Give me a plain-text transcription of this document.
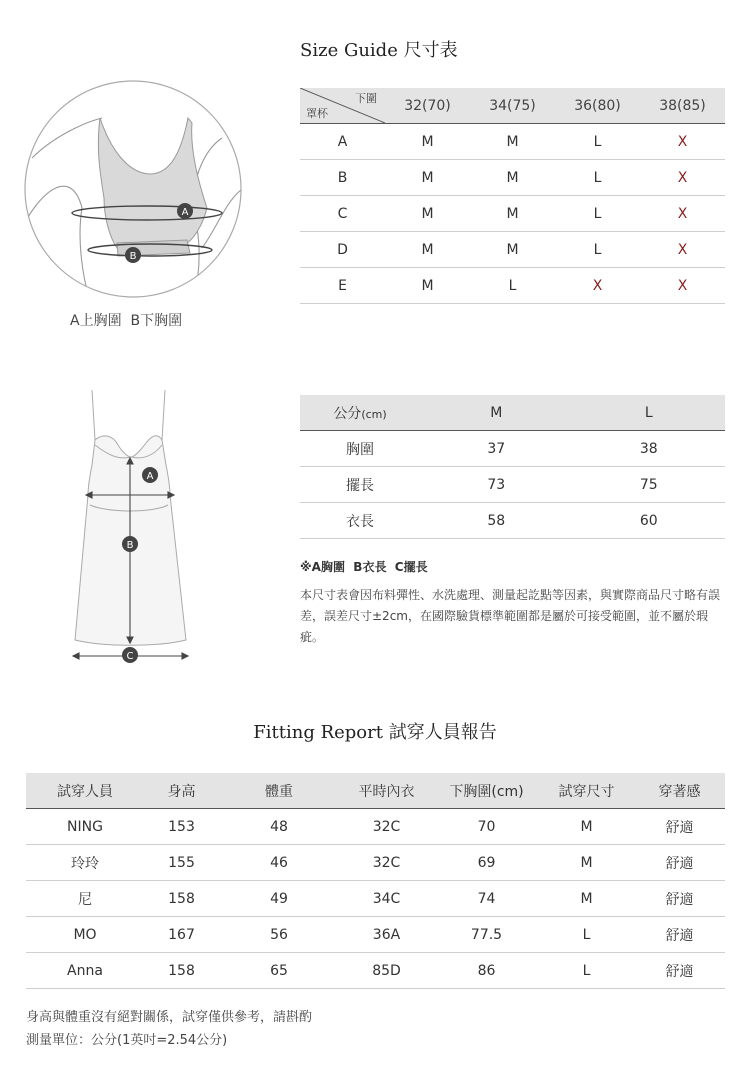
Size Guide 尺寸表
A
B
A上胸圍  B下胸圍
下圍
罩杯	32(70)	34(75)	36(80)	38(85)
A	M	M	L	X
B	M	M	L	X
C	M	M	L	X
D	M	M	L	X
E	M	L	X	X
A
B
C
公分(cm)	M	L
胸圍	37	38
擺長	73	75
衣長	58	60
※A胸圍  B衣長  C擺長
本尺寸表會因布料彈性、水洗處理、測量起訖點等因素，與實際商品尺寸略有誤差，誤差尺寸±2cm，在國際驗貨標準範圍都是屬於可接受範圍，並不屬於瑕疵。
Fitting Report 試穿人員報告
試穿人員	身高	體重	平時內衣	下胸圍(cm)	試穿尺寸	穿著感
NING	153	48	32C	70	M	舒適
玲玲	155	46	32C	69	M	舒適
尼	158	49	34C	74	M	舒適
MO	167	56	36A	77.5	L	舒適
Anna	158	65	85D	86	L	舒適
身高與體重沒有絕對關係，試穿僅供參考，請斟酌
測量單位：公分(1英吋=2.54公分)
